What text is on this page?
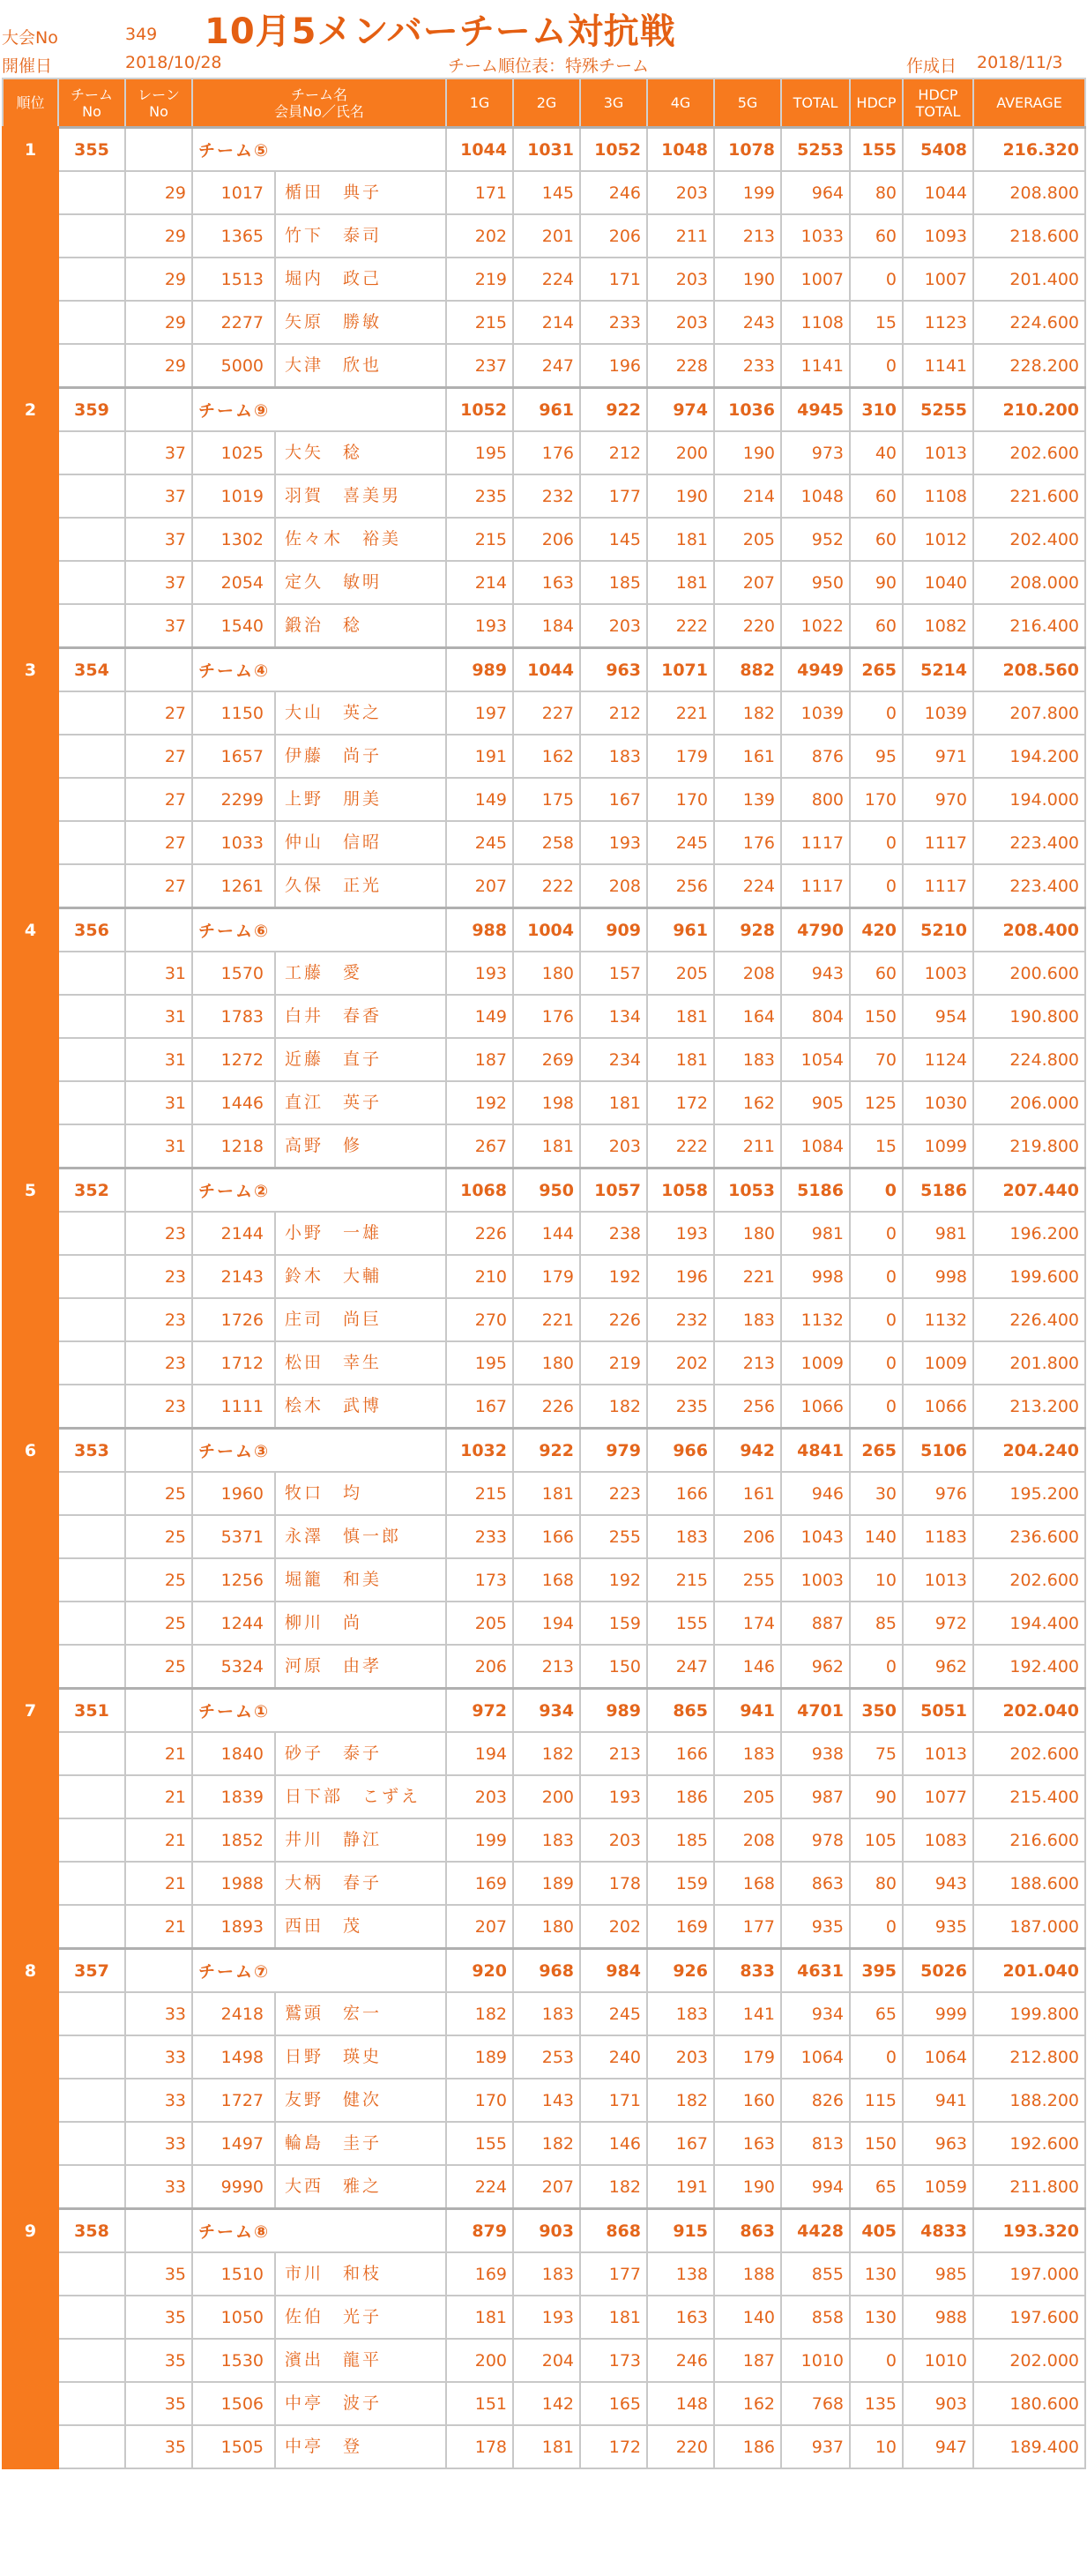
大会No	349 10月5メンバーチーム対抗戦
開催日	2018/10/28	チーム順位表：特殊チーム	作成日 2018/11/3
順位	チーム
No	レーン
No	チーム名
会員No／氏名	1G	2G	3G	4G	5G	TOTAL	HDCP	HDCP
TOTAL	AVERAGE
1	355		チーム⑤	1044	1031	1052	1048	1078	5253	155	5408	216.320
		29	1017 楯田　典子	171	145	246	203	199	964	80	1044	208.800
		29	1365 竹下　泰司	202	201	206	211	213	1033	60	1093	218.600
		29	1513 堀内　政己	219	224	171	203	190	1007	0	1007	201.400
		29	2277 矢原　勝敏	215	214	233	203	243	1108	15	1123	224.600
		29	5000 大津　欣也	237	247	196	228	233	1141	0	1141	228.200
2	359		チーム⑨	1052	961	922	974	1036	4945	310	5255	210.200
		37	1025 大矢　稔	195	176	212	200	190	973	40	1013	202.600
		37	1019 羽賀　喜美男	235	232	177	190	214	1048	60	1108	221.600
		37	1302 佐々木　裕美	215	206	145	181	205	952	60	1012	202.400
		37	2054 定久　敏明	214	163	185	181	207	950	90	1040	208.000
		37	1540 鍛治　稔	193	184	203	222	220	1022	60	1082	216.400
3	354		チーム④	989	1044	963	1071	882	4949	265	5214	208.560
		27	1150 大山　英之	197	227	212	221	182	1039	0	1039	207.800
		27	1657 伊藤　尚子	191	162	183	179	161	876	95	971	194.200
		27	2299 上野　朋美	149	175	167	170	139	800	170	970	194.000
		27	1033 仲山　信昭	245	258	193	245	176	1117	0	1117	223.400
		27	1261 久保　正光	207	222	208	256	224	1117	0	1117	223.400
4	356		チーム⑥	988	1004	909	961	928	4790	420	5210	208.400
		31	1570 工藤　愛	193	180	157	205	208	943	60	1003	200.600
		31	1783 白井　春香	149	176	134	181	164	804	150	954	190.800
		31	1272 近藤　直子	187	269	234	181	183	1054	70	1124	224.800
		31	1446 直江　英子	192	198	181	172	162	905	125	1030	206.000
		31	1218 高野　修	267	181	203	222	211	1084	15	1099	219.800
5	352		チーム②	1068	950	1057	1058	1053	5186	0	5186	207.440
		23	2144 小野　一雄	226	144	238	193	180	981	0	981	196.200
		23	2143 鈴木　大輔	210	179	192	196	221	998	0	998	199.600
		23	1726 庄司　尚巨	270	221	226	232	183	1132	0	1132	226.400
		23	1712 松田　幸生	195	180	219	202	213	1009	0	1009	201.800
		23	1111 桧木　武博	167	226	182	235	256	1066	0	1066	213.200
6	353		チーム③	1032	922	979	966	942	4841	265	5106	204.240
		25	1960 牧口　均	215	181	223	166	161	946	30	976	195.200
		25	5371 永澤　慎一郎	233	166	255	183	206	1043	140	1183	236.600
		25	1256 堀籠　和美	173	168	192	215	255	1003	10	1013	202.600
		25	1244 柳川　尚	205	194	159	155	174	887	85	972	194.400
		25	5324 河原　由孝	206	213	150	247	146	962	0	962	192.400
7	351		チーム①	972	934	989	865	941	4701	350	5051	202.040
		21	1840 砂子　泰子	194	182	213	166	183	938	75	1013	202.600
		21	1839 日下部　こずえ	203	200	193	186	205	987	90	1077	215.400
		21	1852 井川　静江	199	183	203	185	208	978	105	1083	216.600
		21	1988 大柄　春子	169	189	178	159	168	863	80	943	188.600
		21	1893 西田　茂	207	180	202	169	177	935	0	935	187.000
8	357		チーム⑦	920	968	984	926	833	4631	395	5026	201.040
		33	2418 鷲頭　宏一	182	183	245	183	141	934	65	999	199.800
		33	1498 日野　瑛史	189	253	240	203	179	1064	0	1064	212.800
		33	1727 友野　健次	170	143	171	182	160	826	115	941	188.200
		33	1497 輪島　圭子	155	182	146	167	163	813	150	963	192.600
		33	9990 大西　雅之	224	207	182	191	190	994	65	1059	211.800
9	358		チーム⑧	879	903	868	915	863	4428	405	4833	193.320
		35	1510 市川　和枝	169	183	177	138	188	855	130	985	197.000
		35	1050 佐伯　光子	181	193	181	163	140	858	130	988	197.600
		35	1530 濱出　龍平	200	204	173	246	187	1010	0	1010	202.000
		35	1506 中亭　波子	151	142	165	148	162	768	135	903	180.600
		35	1505 中亭　登	178	181	172	220	186	937	10	947	189.400
